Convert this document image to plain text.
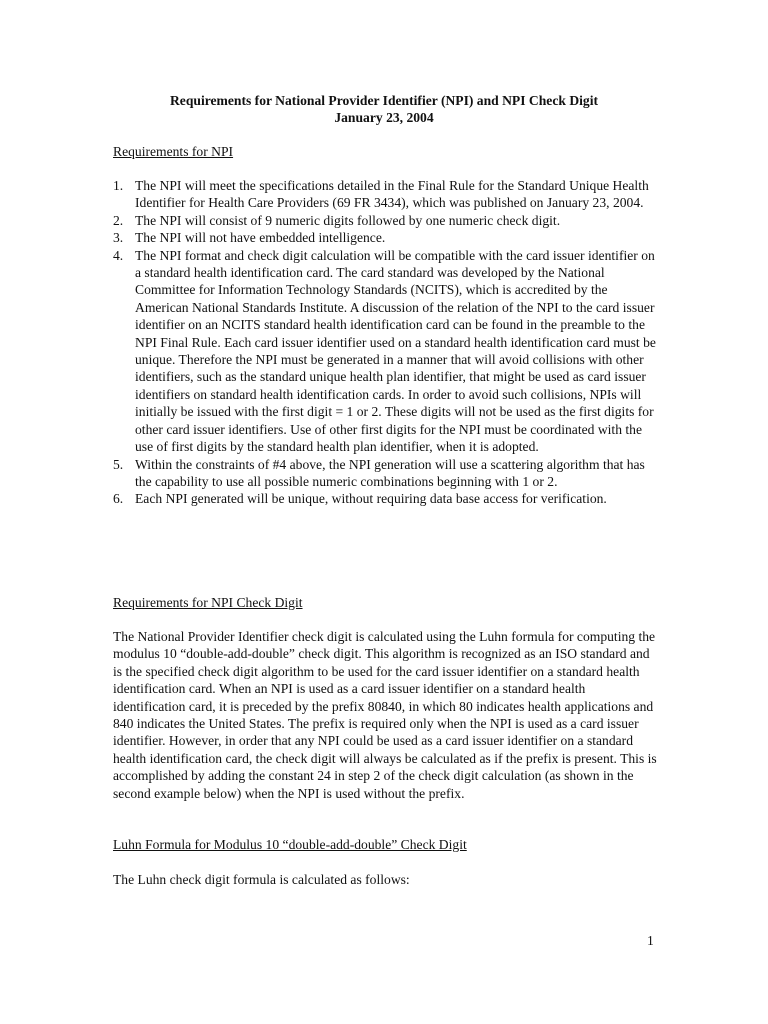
Requirements for National Provider Identifier (NPI) and NPI Check Digit
January 23, 2004

Requirements for NPI

1. The NPI will meet the specifications detailed in the Final Rule for the Standard Unique Health Identifier for Health Care Providers (69 FR 3434), which was published on January 23, 2004.
2. The NPI will consist of 9 numeric digits followed by one numeric check digit.
3. The NPI will not have embedded intelligence.
4. The NPI format and check digit calculation will be compatible with the card issuer identifier on a standard health identification card. The card standard was developed by the National Committee for Information Technology Standards (NCITS), which is accredited by the American National Standards Institute. A discussion of the relation of the NPI to the card issuer identifier on an NCITS standard health identification card can be found in the preamble to the NPI Final Rule. Each card issuer identifier used on a standard health identification card must be unique. Therefore the NPI must be generated in a manner that will avoid collisions with other identifiers, such as the standard unique health plan identifier, that might be used as card issuer identifiers on standard health identification cards. In order to avoid such collisions, NPIs will initially be issued with the first digit = 1 or 2. These digits will not be used as the first digits for other card issuer identifiers. Use of other first digits for the NPI must be coordinated with the use of first digits by the standard health plan identifier, when it is adopted.
5. Within the constraints of #4 above, the NPI generation will use a scattering algorithm that has the capability to use all possible numeric combinations beginning with 1 or 2.
6. Each NPI generated will be unique, without requiring data base access for verification.

Requirements for NPI Check Digit

The National Provider Identifier check digit is calculated using the Luhn formula for computing the modulus 10 “double-add-double” check digit. This algorithm is recognized as an ISO standard and is the specified check digit algorithm to be used for the card issuer identifier on a standard health identification card. When an NPI is used as a card issuer identifier on a standard health identification card, it is preceded by the prefix 80840, in which 80 indicates health applications and 840 indicates the United States. The prefix is required only when the NPI is used as a card issuer identifier. However, in order that any NPI could be used as a card issuer identifier on a standard health identification card, the check digit will always be calculated as if the prefix is present. This is accomplished by adding the constant 24 in step 2 of the check digit calculation (as shown in the second example below) when the NPI is used without the prefix.

Luhn Formula for Modulus 10 “double-add-double” Check Digit

The Luhn check digit formula is calculated as follows:

1
